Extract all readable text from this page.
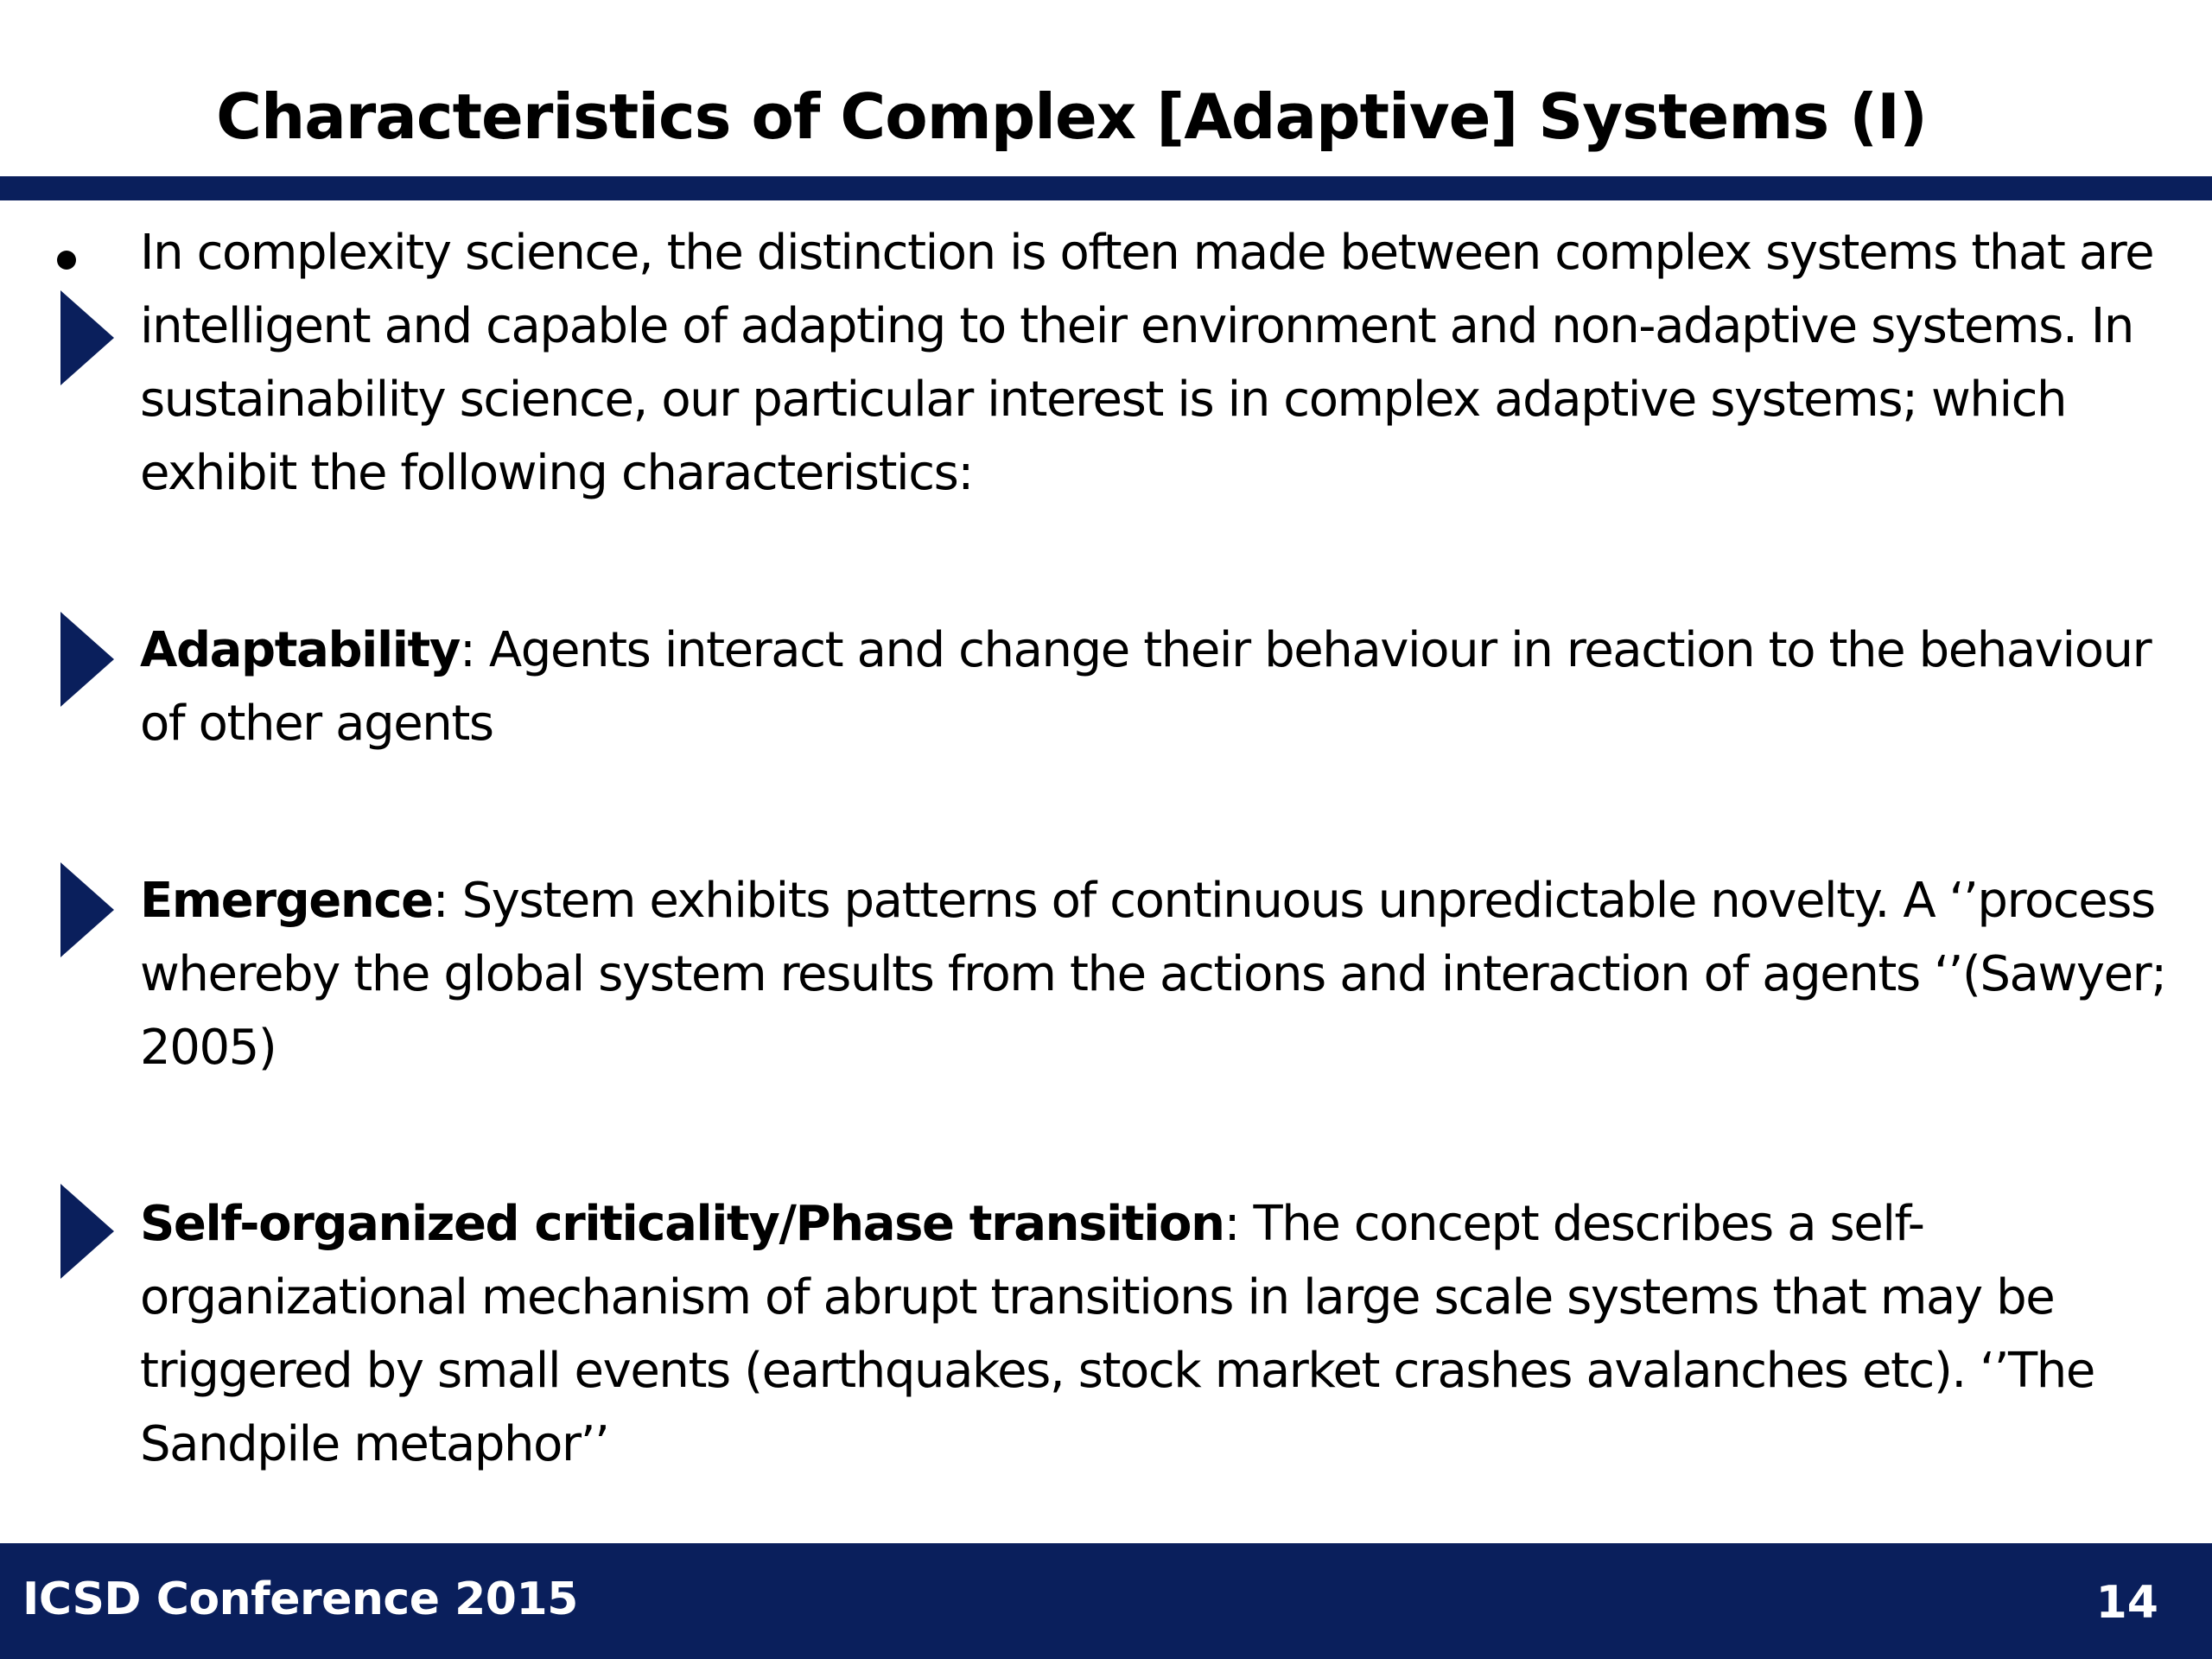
Characteristics of Complex [Adaptive] Systems (I)
In complexity science, the distinction is often made between complex systems that are intelligent and capable of adapting to their environment and non-adaptive systems. In sustainability science, our particular interest is in complex adaptive systems; which exhibit the following characteristics:
Adaptability: Agents interact and change their behaviour in reaction to the behaviour of other agents
Emergence: System exhibits patterns of continuous unpredictable novelty. A ‘’process whereby the global system results from the actions and interaction of agents ‘’(Sawyer; 2005)
Self-organized criticality/Phase transition: The concept describes a self-organizational mechanism of abrupt transitions in large scale systems that may be triggered by small events (earthquakes, stock market crashes avalanches etc). ‘’The Sandpile metaphor’’
ICSD Conference 2015	14
